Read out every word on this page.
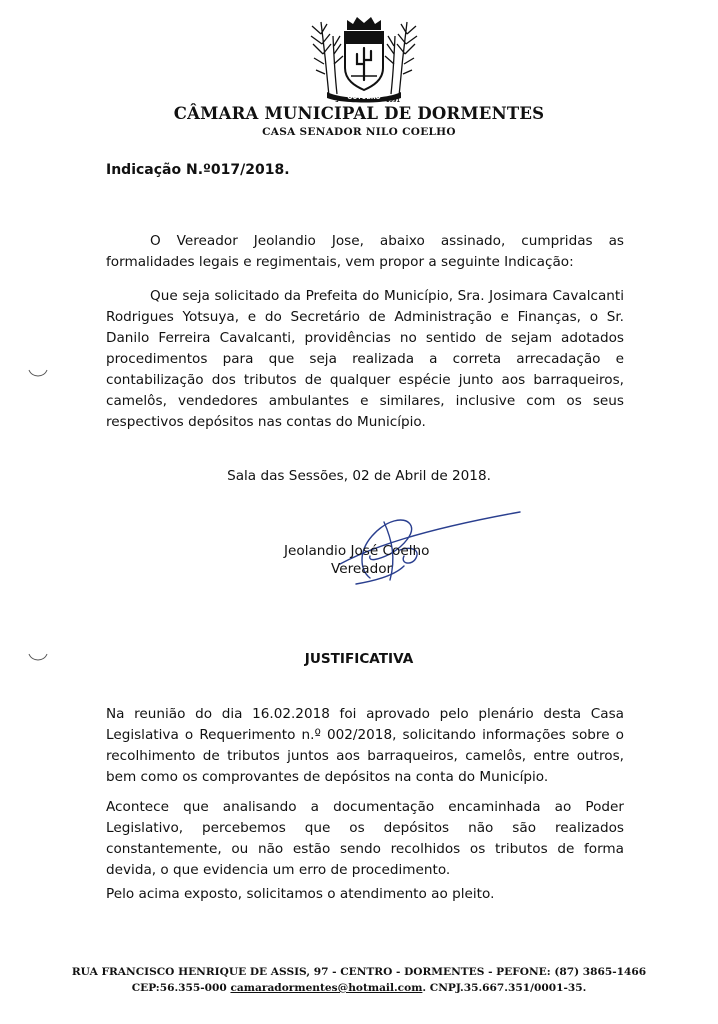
OUTUBRO
3	1991
CÂMARA MUNICIPAL DE DORMENTES
CASA SENADOR NILO COELHO
Indicação N.º017/2018.

O Vereador Jeolandio Jose, abaixo assinado, cumpridas as formalidades legais e regimentais, vem propor a seguinte Indicação:

Que seja solicitado da Prefeita do Município, Sra. Josimara Cavalcanti Rodrigues Yotsuya, e do Secretário de Administração e Finanças, o Sr. Danilo Ferreira Cavalcanti, providências no sentido de sejam adotados procedimentos para que seja realizada a correta arrecadação e contabilização dos tributos de qualquer espécie junto aos barraqueiros, camelôs, vendedores ambulantes e similares, inclusive com os seus respectivos depósitos nas contas do Município.

Sala das Sessões, 02 de Abril de 2018.
Jeolandio José Coelho
Vereador
JUSTIFICATIVA

Na reunião do dia 16.02.2018 foi aprovado pelo plenário desta Casa Legislativa o Requerimento n.º 002/2018, solicitando informações sobre o recolhimento de tributos juntos aos barraqueiros, camelôs, entre outros, bem como os comprovantes de depósitos na conta do Município.

Acontece que analisando a documentação encaminhada ao Poder Legislativo, percebemos que os depósitos não são realizados constantemente, ou não estão sendo recolhidos os tributos de forma devida, o que evidencia um erro de procedimento.

Pelo acima exposto, solicitamos o atendimento ao pleito.

RUA FRANCISCO HENRIQUE DE ASSIS, 97 - CENTRO - DORMENTES - PEFONE: (87) 3865-1466
CEP:56.355-000 camaradormentes@hotmail.com. CNPJ.35.667.351/0001-35.
